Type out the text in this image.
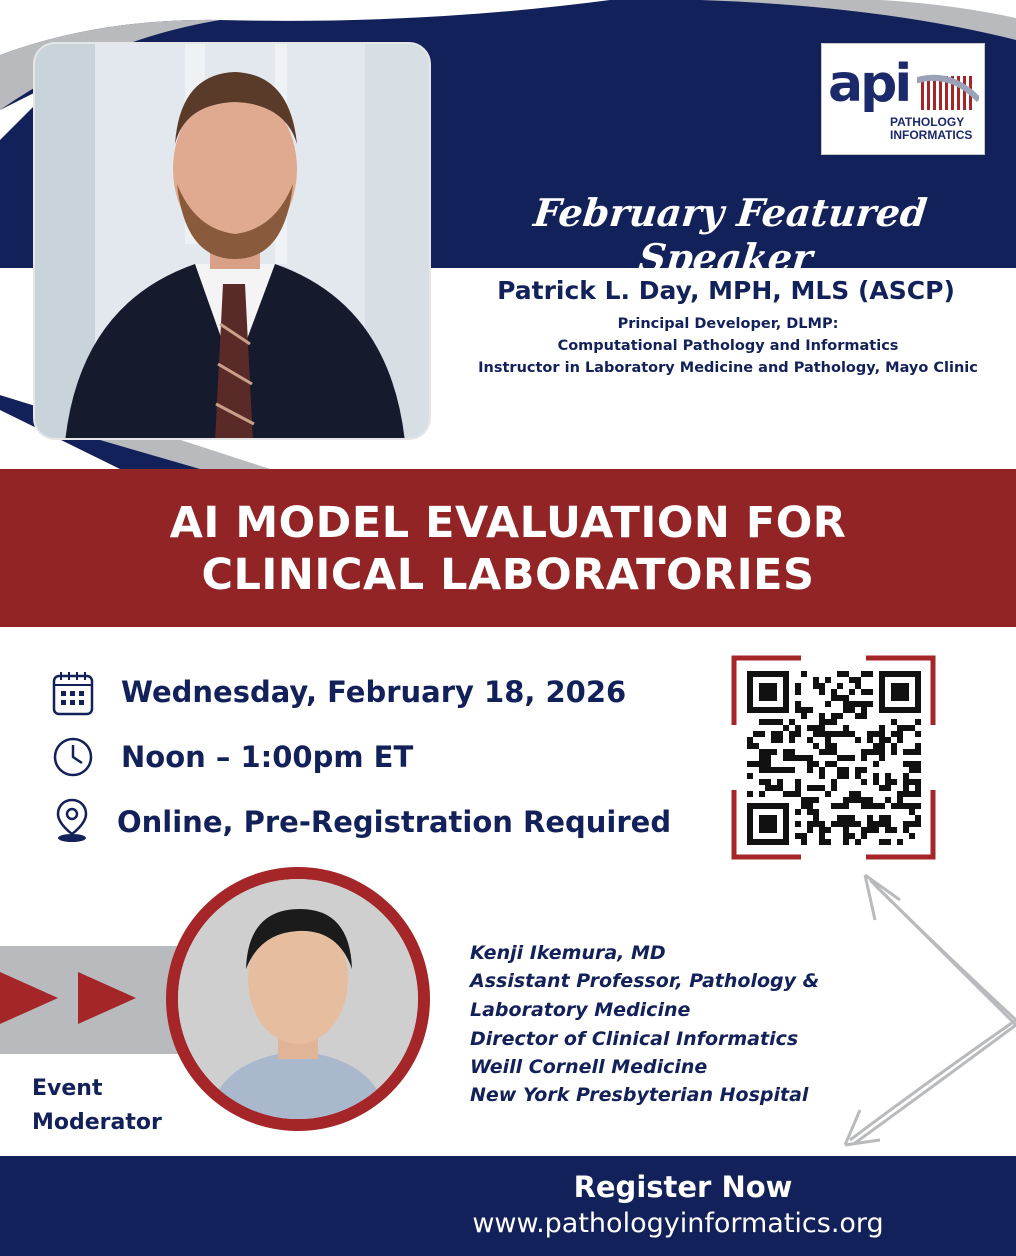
api
PATHOLOGY
INFORMATICS
February Featured Speaker
Patrick L. Day, MPH, MLS (ASCP)
Principal Developer, DLMP:
Computational Pathology and Informatics
Instructor in Laboratory Medicine and Pathology, Mayo Clinic
AI MODEL EVALUATION FOR
CLINICAL LABORATORIES
Wednesday, February 18, 2026
Noon – 1:00pm ET
Online, Pre-Registration Required
Event
Moderator
Kenji Ikemura, MD
Assistant Professor, Pathology &
Laboratory Medicine
Director of Clinical Informatics
Weill Cornell Medicine
New York Presbyterian Hospital
Register Now
www.pathologyinformatics.org
